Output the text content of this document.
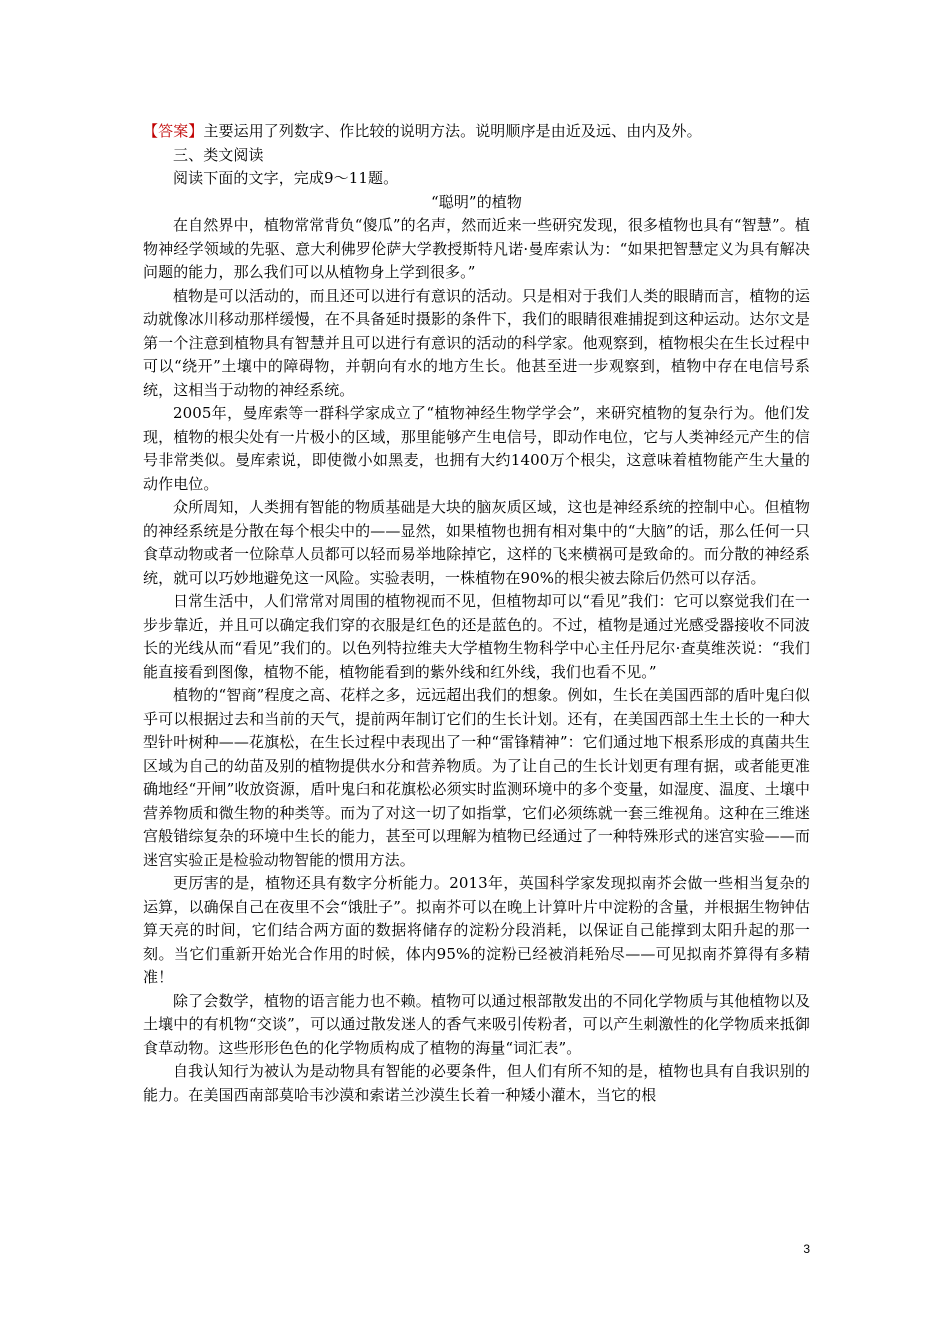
【答案】主要运用了列数字、作比较的说明方法。说明顺序是由近及远、由内及外。

三、类文阅读

阅读下面的文字，完成9～11题。

“聪明”的植物

在自然界中，植物常常背负“傻瓜”的名声，然而近来一些研究发现，很多植物也具有“智慧”。植物神经学领域的先驱、意大利佛罗伦萨大学教授斯特凡诺·曼库索认为：“如果把智慧定义为具有解决问题的能力，那么我们可以从植物身上学到很多。”

植物是可以活动的，而且还可以进行有意识的活动。只是相对于我们人类的眼睛而言，植物的运动就像冰川移动那样缓慢，在不具备延时摄影的条件下，我们的眼睛很难捕捉到这种运动。达尔文是第一个注意到植物具有智慧并且可以进行有意识的活动的科学家。他观察到，植物根尖在生长过程中可以“绕开”土壤中的障碍物，并朝向有水的地方生长。他甚至进一步观察到，植物中存在电信号系统，这相当于动物的神经系统。

2005年，曼库索等一群科学家成立了“植物神经生物学学会”，来研究植物的复杂行为。他们发现，植物的根尖处有一片极小的区域，那里能够产生电信号，即动作电位，它与人类神经元产生的信号非常类似。曼库索说，即使微小如黑麦，也拥有大约1400万个根尖，这意味着植物能产生大量的动作电位。

众所周知，人类拥有智能的物质基础是大块的脑灰质区域，这也是神经系统的控制中心。但植物的神经系统是分散在每个根尖中的——显然，如果植物也拥有相对集中的“大脑”的话，那么任何一只食草动物或者一位除草人员都可以轻而易举地除掉它，这样的飞来横祸可是致命的。而分散的神经系统，就可以巧妙地避免这一风险。实验表明，一株植物在90%的根尖被去除后仍然可以存活。

日常生活中，人们常常对周围的植物视而不见，但植物却可以“看见”我们：它可以察觉我们在一步步靠近，并且可以确定我们穿的衣服是红色的还是蓝色的。不过，植物是通过光感受器接收不同波长的光线从而“看见”我们的。以色列特拉维夫大学植物生物科学中心主任丹尼尔·查莫维茨说：“我们能直接看到图像，植物不能，植物能看到的紫外线和红外线，我们也看不见。”

植物的“智商”程度之高、花样之多，远远超出我们的想象。例如，生长在美国西部的盾叶鬼臼似乎可以根据过去和当前的天气，提前两年制订它们的生长计划。还有，在美国西部土生土长的一种大型针叶树种——花旗松，在生长过程中表现出了一种“雷锋精神”：它们通过地下根系形成的真菌共生区域为自己的幼苗及别的植物提供水分和营养物质。为了让自己的生长计划更有理有据，或者能更准确地经“开闸”收放资源，盾叶鬼臼和花旗松必须实时监测环境中的多个变量，如湿度、温度、土壤中营养物质和微生物的种类等。而为了对这一切了如指掌，它们必须练就一套三维视角。这种在三维迷宫般错综复杂的环境中生长的能力，甚至可以理解为植物已经通过了一种特殊形式的迷宫实验——而迷宫实验正是检验动物智能的惯用方法。

更厉害的是，植物还具有数字分析能力。2013年，英国科学家发现拟南芥会做一些相当复杂的运算，以确保自己在夜里不会“饿肚子”。拟南芥可以在晚上计算叶片中淀粉的含量，并根据生物钟估算天亮的时间，它们结合两方面的数据将储存的淀粉分段消耗，以保证自己能撑到太阳升起的那一刻。当它们重新开始光合作用的时候，体内95%的淀粉已经被消耗殆尽——可见拟南芥算得有多精准！

除了会数学，植物的语言能力也不赖。植物可以通过根部散发出的不同化学物质与其他植物以及土壤中的有机物“交谈”，可以通过散发迷人的香气来吸引传粉者，可以产生刺激性的化学物质来抵御食草动物。这些形形色色的化学物质构成了植物的海量“词汇表”。

自我认知行为被认为是动物具有智能的必要条件，但人们有所不知的是，植物也具有自我识别的能力。在美国西南部莫哈韦沙漠和索诺兰沙漠生长着一种矮小灌木，当它的根

3
